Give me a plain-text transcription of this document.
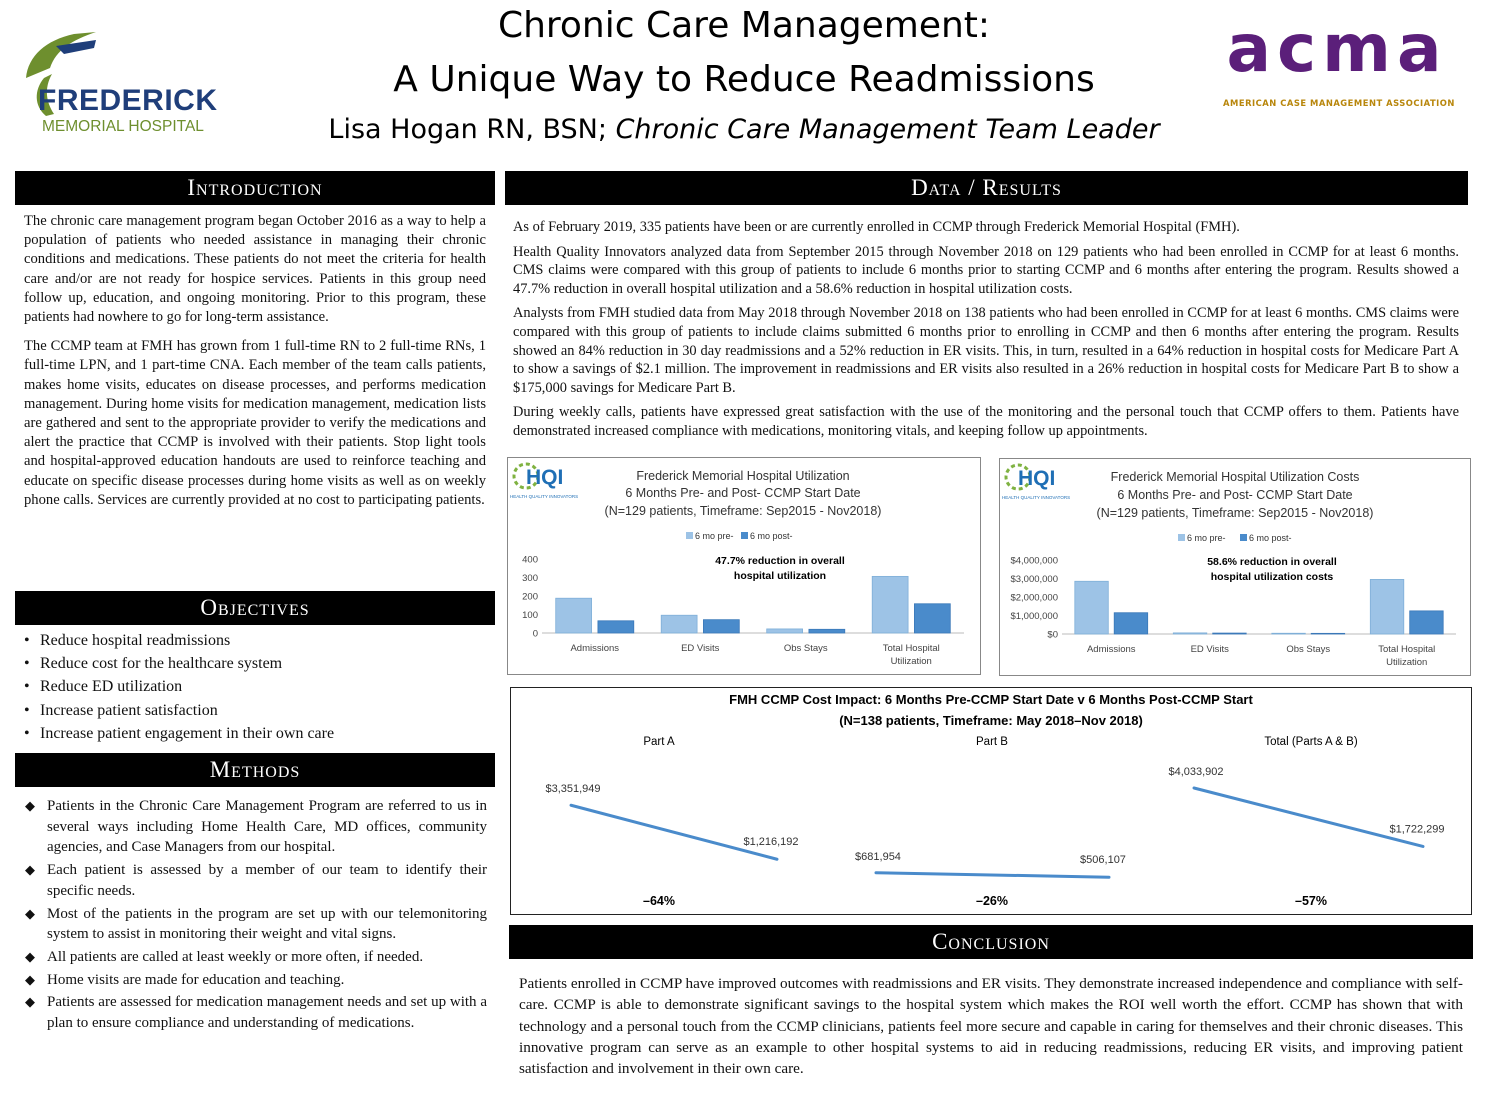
FREDERICK
MEMORIAL HOSPITAL
Chronic Care Management:
A Unique Way to Reduce Readmissions
Lisa Hogan RN, BSN; Chronic Care Management Team Leader
acma
AMERICAN CASE MANAGEMENT ASSOCIATION
Introduction

The chronic care management program began October 2016 as a way to help a population of patients who needed assistance in managing their chronic conditions and medications. These patients do not meet the criteria for health care and/or are not ready for hospice services. Patients in this group need follow up, education, and ongoing monitoring. Prior to this program, these patients had nowhere to go for long-term assistance.

The CCMP team at FMH has grown from 1 full-time RN to 2 full-time RNs, 1 full-time LPN, and 1 part-time CNA. Each member of the team calls patients, makes home visits, educates on disease processes, and performs medication management. During home visits for medication management, medication lists are gathered and sent to the appropriate provider to verify the medications and alert the practice that CCMP is involved with their patients. Stop light tools and hospital-approved education handouts are used to reinforce teaching and educate on specific disease processes during home visits as well as on weekly phone calls. Services are currently provided at no cost to participating patients.

Objectives
• Reduce hospital readmissions
• Reduce cost for the healthcare system
• Reduce ED utilization
• Increase patient satisfaction
• Increase patient engagement in their own care
Methods
◆ Patients in the Chronic Care Management Program are referred to us in several ways including Home Health Care, MD offices, community agencies, and Case Managers from our hospital.
◆ Each patient is assessed by a member of our team to identify their specific needs.
◆ Most of the patients in the program are set up with our telemonitoring system to assist in monitoring their weight and vital signs.
◆ All patients are called at least weekly or more often, if needed.
◆ Home visits are made for education and teaching.
◆ Patients are assessed for medication management needs and set up with a plan to ensure compliance and understanding of medications.
Data / Results

As of February 2019, 335 patients have been or are currently enrolled in CCMP through Frederick Memorial Hospital (FMH).

Health Quality Innovators analyzed data from September 2015 through November 2018 on 129 patients who had been enrolled in CCMP for at least 6 months. CMS claims were compared with this group of patients to include 6 months prior to starting CCMP and 6 months after entering the program. Results showed a 47.7% reduction in overall hospital utilization and a 58.6% reduction in hospital utilization costs.

Analysts from FMH studied data from May 2018 through November 2018 on 138 patients who had been enrolled in CCMP for at least 6 months. CMS claims were compared with this group of patients to include claims submitted 6 months prior to enrolling in CCMP and then 6 months after entering the program. Results showed an 84% reduction in 30 day readmissions and a 52% reduction in ER visits. This, in turn, resulted in a 64% reduction in hospital costs for Medicare Part A to show a savings of $2.1 million. The improvement in readmissions and ER visits also resulted in a 26% reduction in hospital costs for Medicare Part B to show a $175,000 savings for Medicare Part B.

During weekly calls, patients have expressed great satisfaction with the use of the monitoring and the personal touch that CCMP offers to them. Patients have demonstrated increased compliance with medications, monitoring vitals, and keeping follow up appointments.

HQI
HEALTH QUALITY INNOVATORS
Frederick Memorial Hospital Utilization
6 Months Pre- and Post- CCMP Start Date
(N=129 patients, Timeframe: Sep2015 - Nov2018)
6 mo pre- 6 mo post-
47.7% reduction in overall
hospital utilization
0
100
200
300
400
Admissions	ED Visits	Obs Stays	Total Hospital
Utilization
HQI
HEALTH QUALITY INNOVATORS
Frederick Memorial Hospital Utilization Costs
6 Months Pre- and Post- CCMP Start Date
(N=129 patients, Timeframe: Sep2015 - Nov2018)
6 mo pre-	6 mo post-
58.6% reduction in overall
hospital utilization costs
$0
$1,000,000
$2,000,000
$3,000,000
$4,000,000
Admissions	ED Visits	Obs Stays	Total Hospital
Utilization
FMH CCMP Cost Impact: 6 Months Pre-CCMP Start Date v 6 Months Post-CCMP Start
(N=138 patients, Timeframe: May 2018–Nov 2018)
Part A
$3,351,949
$1,216,192
–64%
Part B
$681,954	$506,107
–26%
Total (Parts A & B)
$4,033,902
$1,722,299
–57%
Conclusion

Patients enrolled in CCMP have improved outcomes with readmissions and ER visits. They demonstrate increased independence and compliance with self-care. CCMP is able to demonstrate significant savings to the hospital system which makes the ROI well worth the effort. CCMP has shown that with technology and a personal touch from the CCMP clinicians, patients feel more secure and capable in caring for themselves and their chronic diseases. This innovative program can serve as an example to other hospital systems to aid in reducing readmissions, reducing ER visits, and improving patient satisfaction and involvement in their own care.
